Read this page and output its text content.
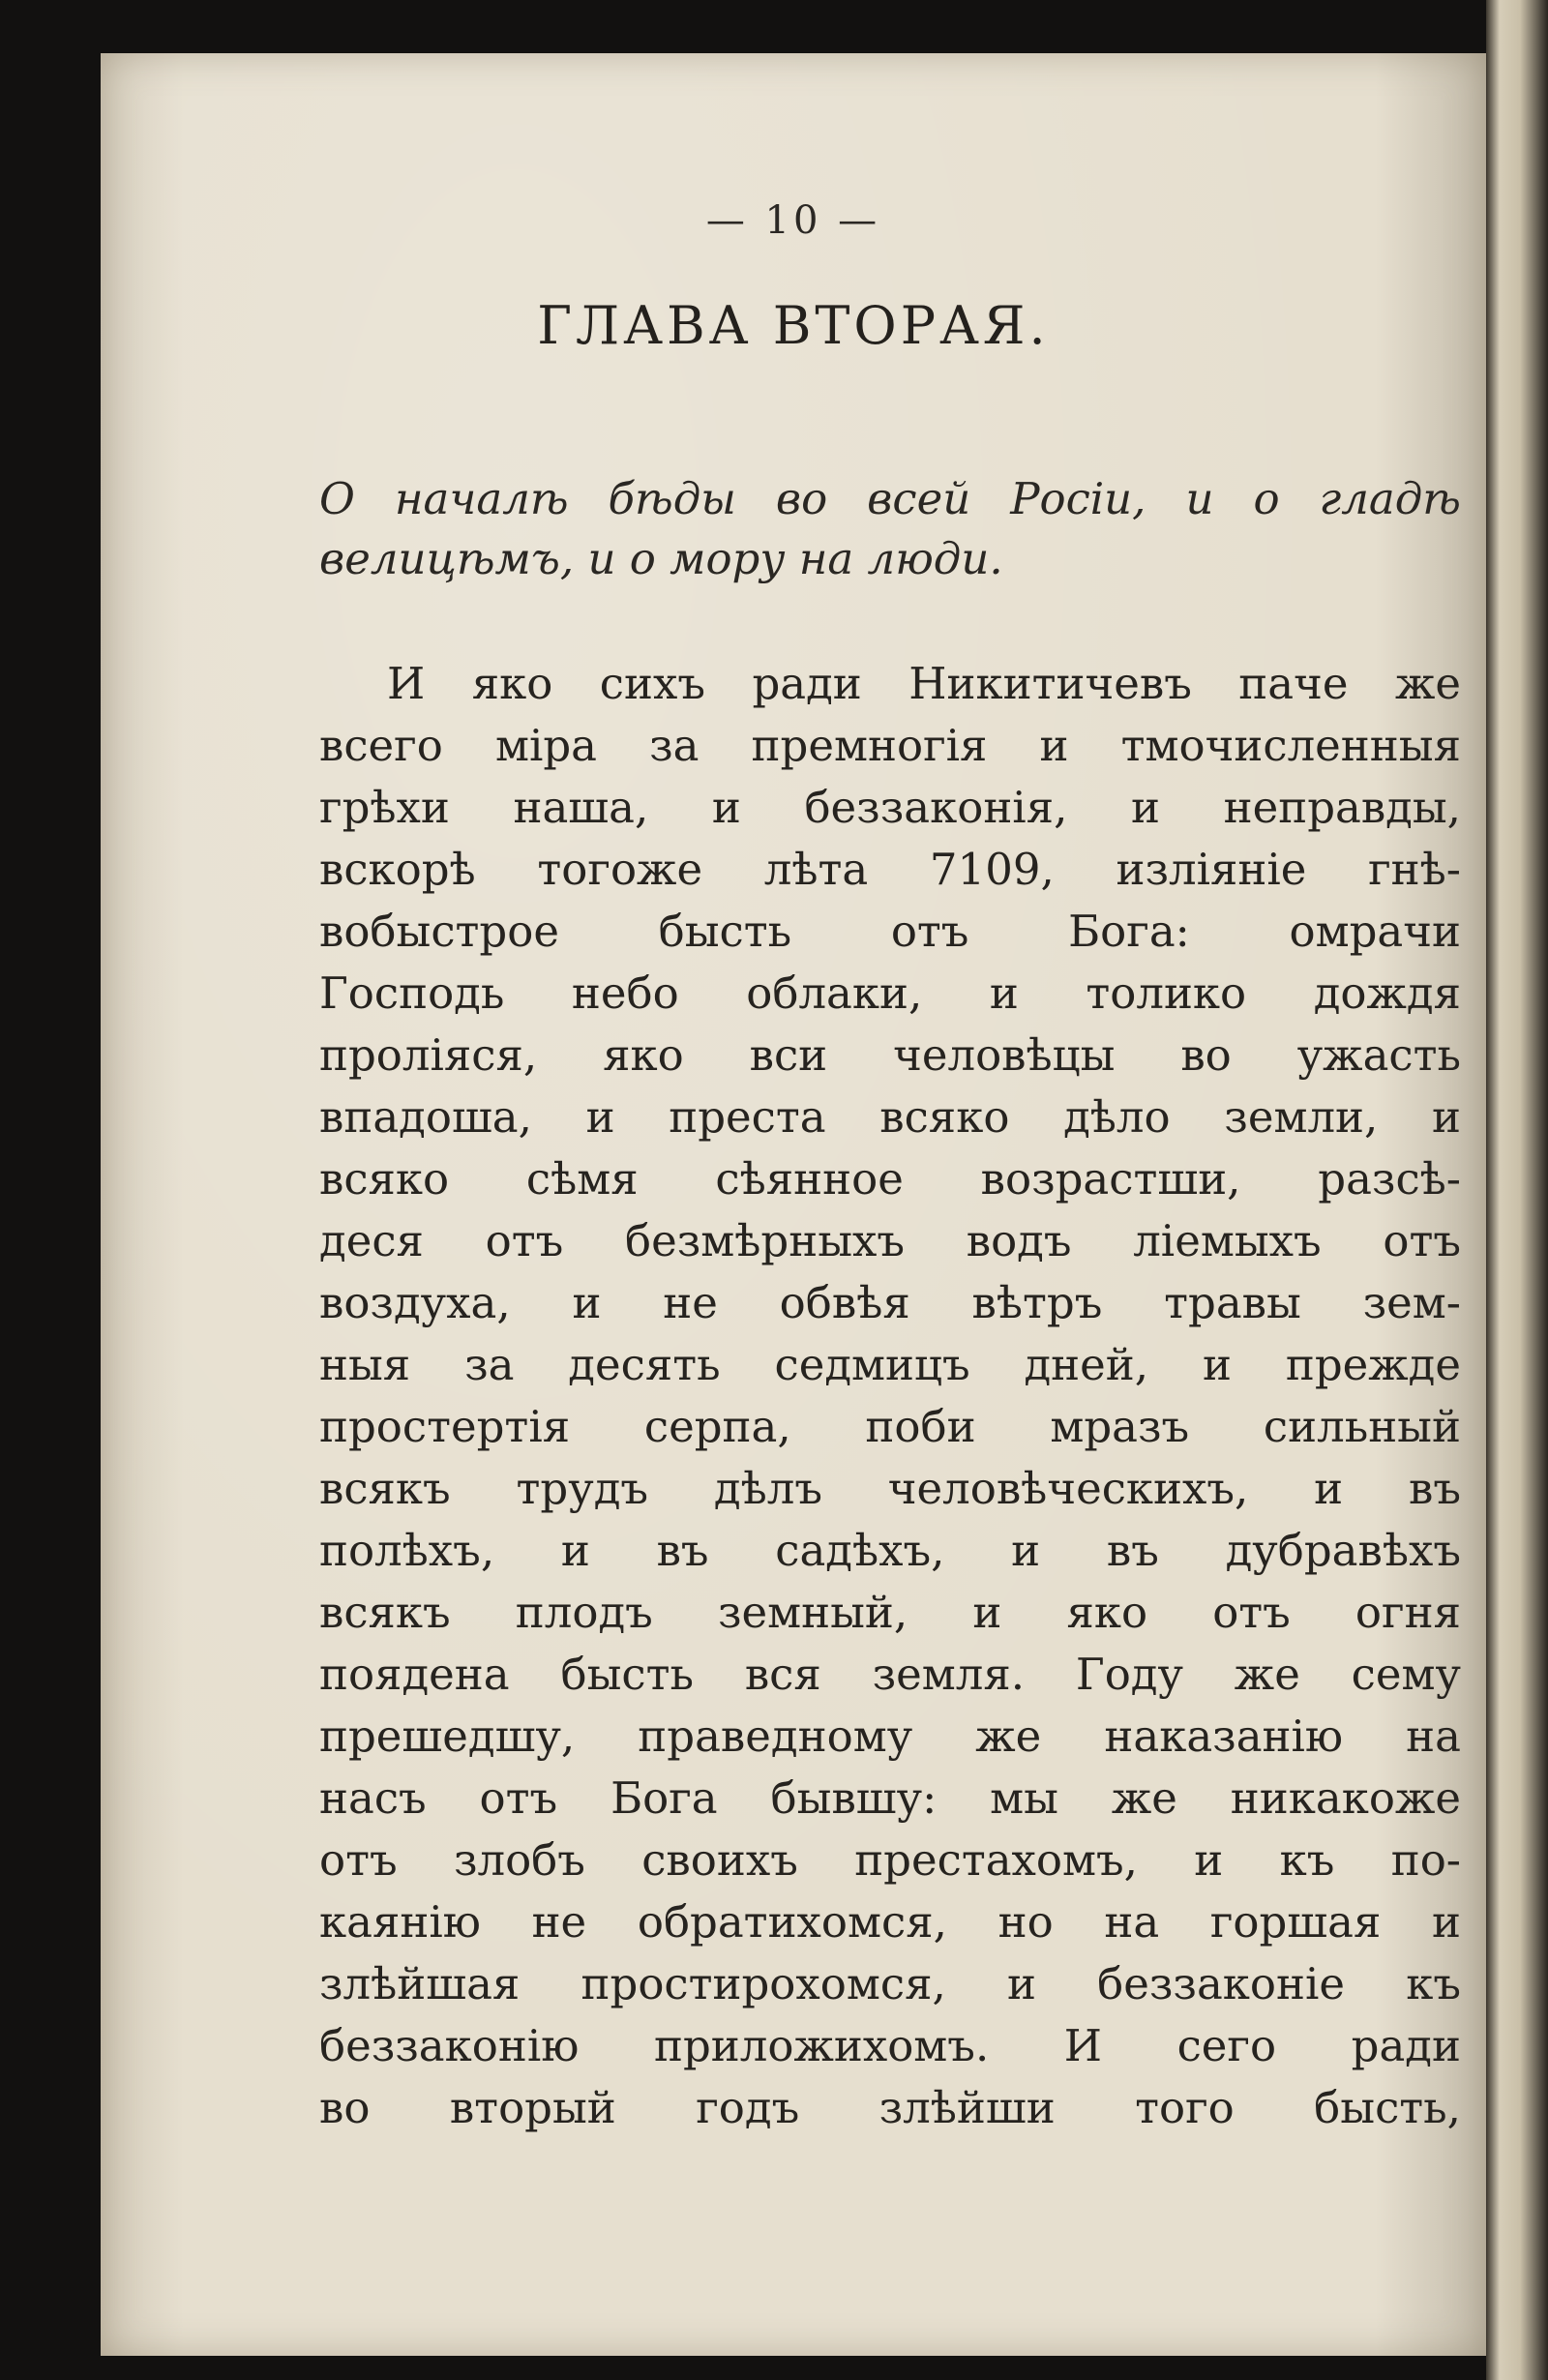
— 10 —
ГЛАВА ВТОРАЯ.
О началѣ бѣды во всей Росіи, и о гладѣ велицѣмъ, и о мору на люди.
И яко сихъ ради Никитичевъ паче же
всего міра за премногія и тмочисленныя
грѣхи наша, и беззаконія, и неправды,
вскорѣ тогоже лѣта 7109, изліяніе гнѣ-
вобыстрое бысть отъ Бога: омрачи
Господь небо облаки, и толико дождя
пролiяся, яко вси человѣцы во ужасть
впадоша, и преста всяко дѣло земли, и
всяко сѣмя сѣянное возрастши, разсѣ-
деся отъ безмѣрныхъ водъ ліемыхъ отъ
воздуха, и не обвѣя вѣтръ травы зем-
ныя за десять седмицъ дней, и прежде
простертія серпа, поби мразъ сильный
всякъ трудъ дѣлъ человѣческихъ, и въ
полѣхъ, и въ садѣхъ, и въ дубравѣхъ
всякъ плодъ земный, и яко отъ огня
поядена бысть вся земля. Году же сему
прешедшу, праведному же наказанію на
насъ отъ Бога бывшу: мы же никакоже
отъ злобъ своихъ престахомъ, и къ по-
каянію не обратихомся, но на горшая и
злѣйшая простирохомся, и беззаконіе къ
беззаконію приложихомъ. И сего ради
во вторый годъ злѣйши того бысть,
